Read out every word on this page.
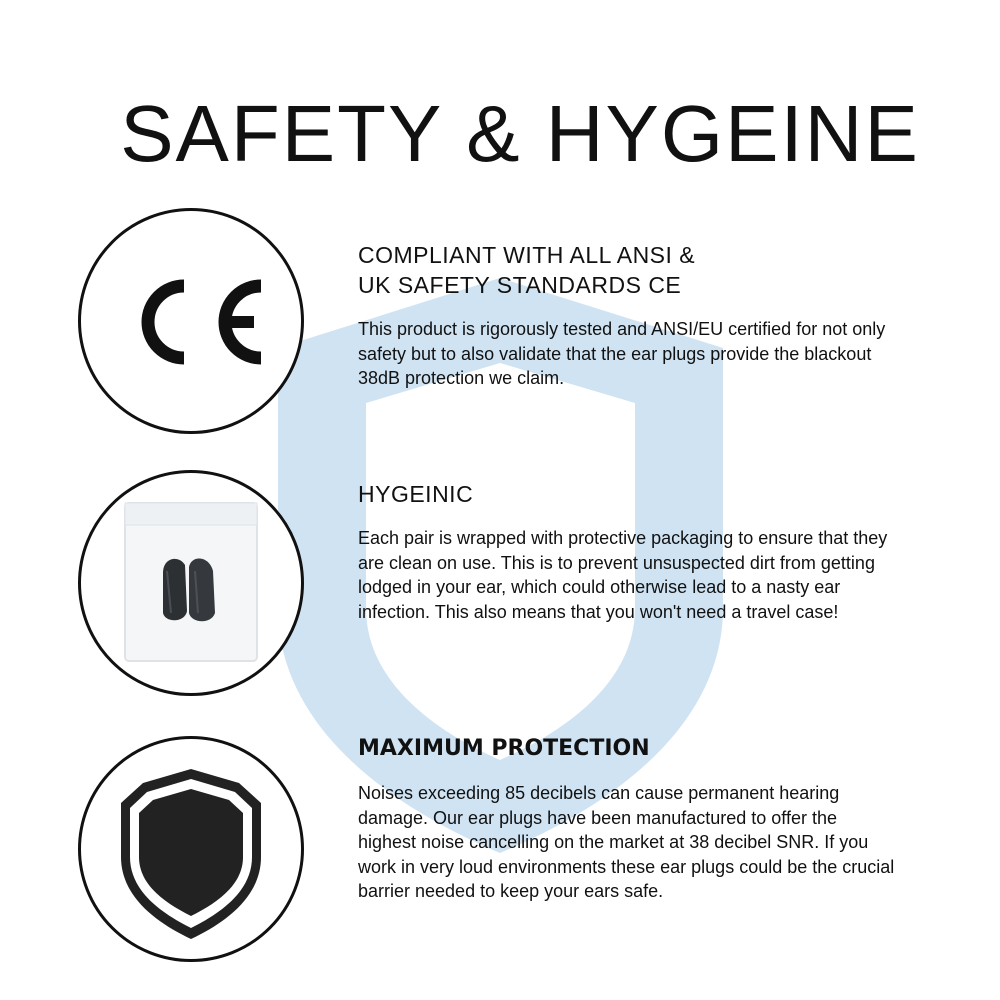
SAFETY & HYGEINE
COMPLIANT WITH ALL ANSI &
UK SAFETY STANDARDS CE

This product is rigorously tested and ANSI/EU certified for not only safety but to also validate that the ear plugs provide the blackout 38dB protection we claim.

HYGEINIC

Each pair is wrapped with protective packaging to ensure that they are clean on use. This is to prevent unsuspected dirt from getting lodged in your ear, which could otherwise lead to a nasty ear infection. This also means that you won't need a travel case!

MAXIMUM PROTECTION

Noises exceeding 85 decibels can cause permanent hearing damage. Our ear plugs have been manufactured to offer the highest noise cancelling on the market at 38 decibel SNR. If you work in very loud environments these ear plugs could be the crucial barrier needed to keep your ears safe.
